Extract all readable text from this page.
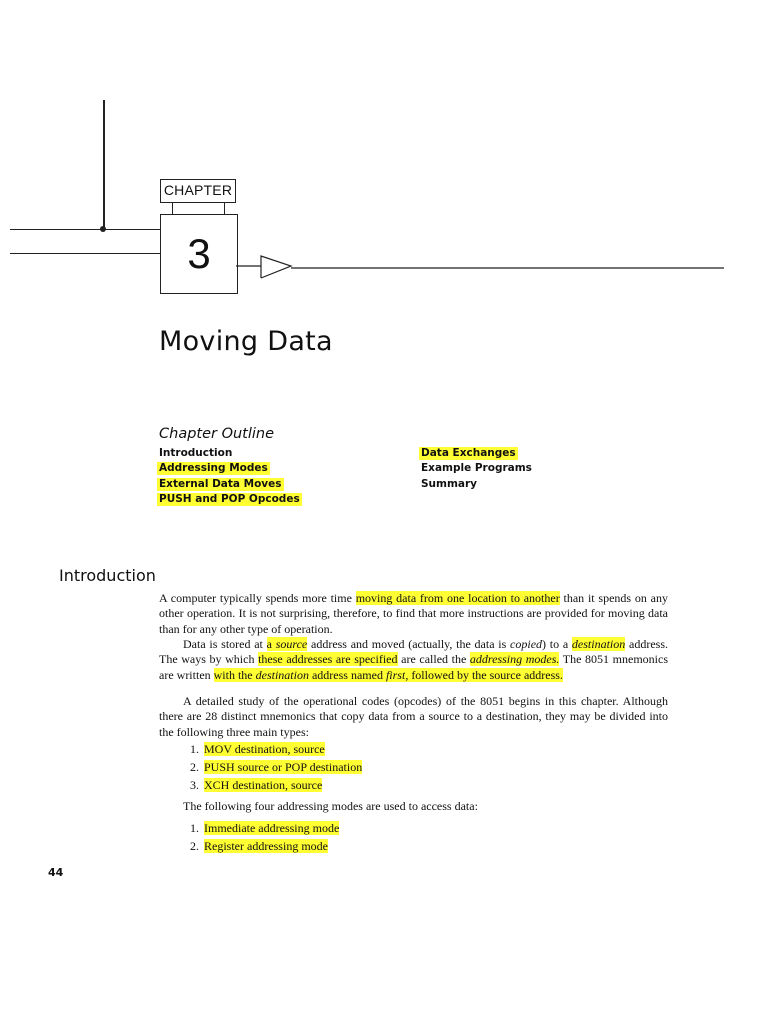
CHAPTER
3
Moving Data
Chapter Outline
Introduction
Addressing Modes
External Data Moves
PUSH and POP Opcodes
Data Exchanges
Example Programs
Summary
Introduction
A computer typically spends more time moving data from one location to another than it spends on any other operation. It is not surprising, therefore, to find that more instructions are provided for moving data than for any other type of operation.
Data is stored at a source address and moved (actually, the data is copied) to a destination address. The ways by which these addresses are specified are called the addressing modes. The 8051 mnemonics are written with the destination address named first, followed by the source address.
A detailed study of the operational codes (opcodes) of the 8051 begins in this chapter. Although there are 28 distinct mnemonics that copy data from a source to a destination, they may be divided into the following three main types:
1. MOV destination, source
2. PUSH source or POP destination
3. XCH destination, source
The following four addressing modes are used to access data:
1. Immediate addressing mode
2. Register addressing mode
44
